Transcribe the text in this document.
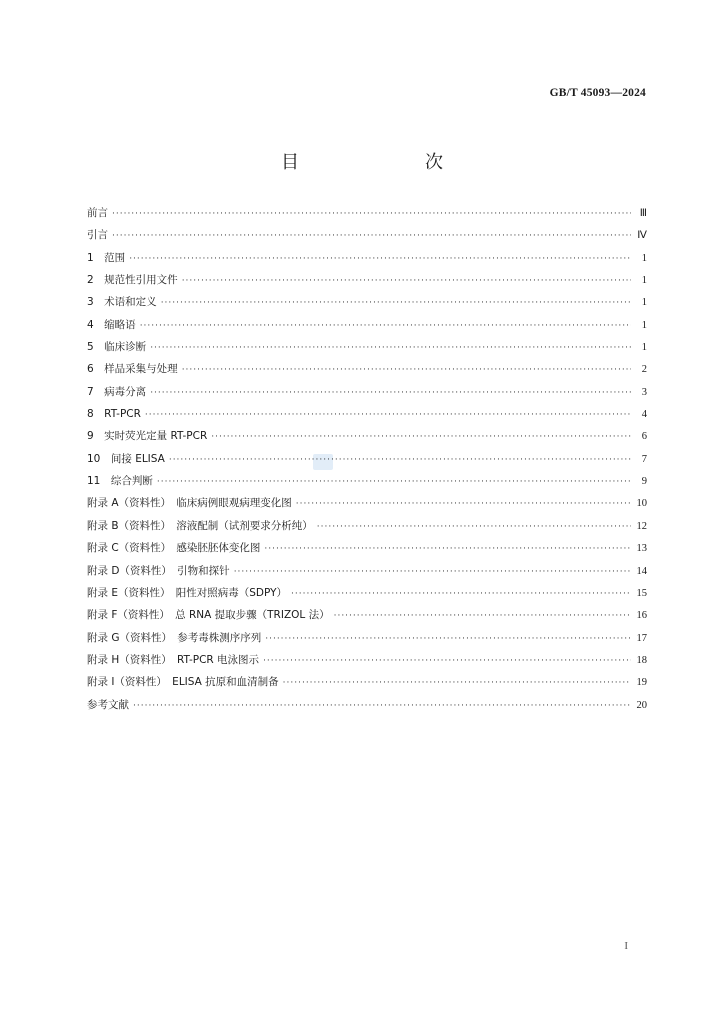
GB/T 45093—2024
目　　次
前言 ·····	Ⅲ
引言 ·····	Ⅳ
1　范围 ·····	1
2　规范性引用文件 ·····	1
3　术语和定义 ·····	1
4　缩略语 ·····	1
5　临床诊断 ·····	1
6　样品采集与处理 ·····	2
7　病毒分离 ·····	3
8　RT-PCR ·····	4
9　实时荧光定量 RT-PCR ·····	6
10　间接 ELISA ·····	7
11　综合判断 ·····	9
附录 A（资料性）　临床病例眼观病理变化图 ·····	10
附录 B（资料性）　溶液配制（试剂要求分析纯） ·····	12
附录 C（资料性）　感染胚胚体变化图 ·····	13
附录 D（资料性）　引物和探针 ·····	14
附录 E（资料性）　阳性对照病毒（SDPY） ·····	15
附录 F（资料性）　总 RNA 提取步骤（TRIZOL 法） ·····	16
附录 G（资料性）　参考毒株测序序列 ·····	17
附录 H（资料性）　RT-PCR 电泳图示 ·····	18
附录 I（资料性）　ELISA 抗原和血清制备 ·····	19
参考文献 ·····	20
I
